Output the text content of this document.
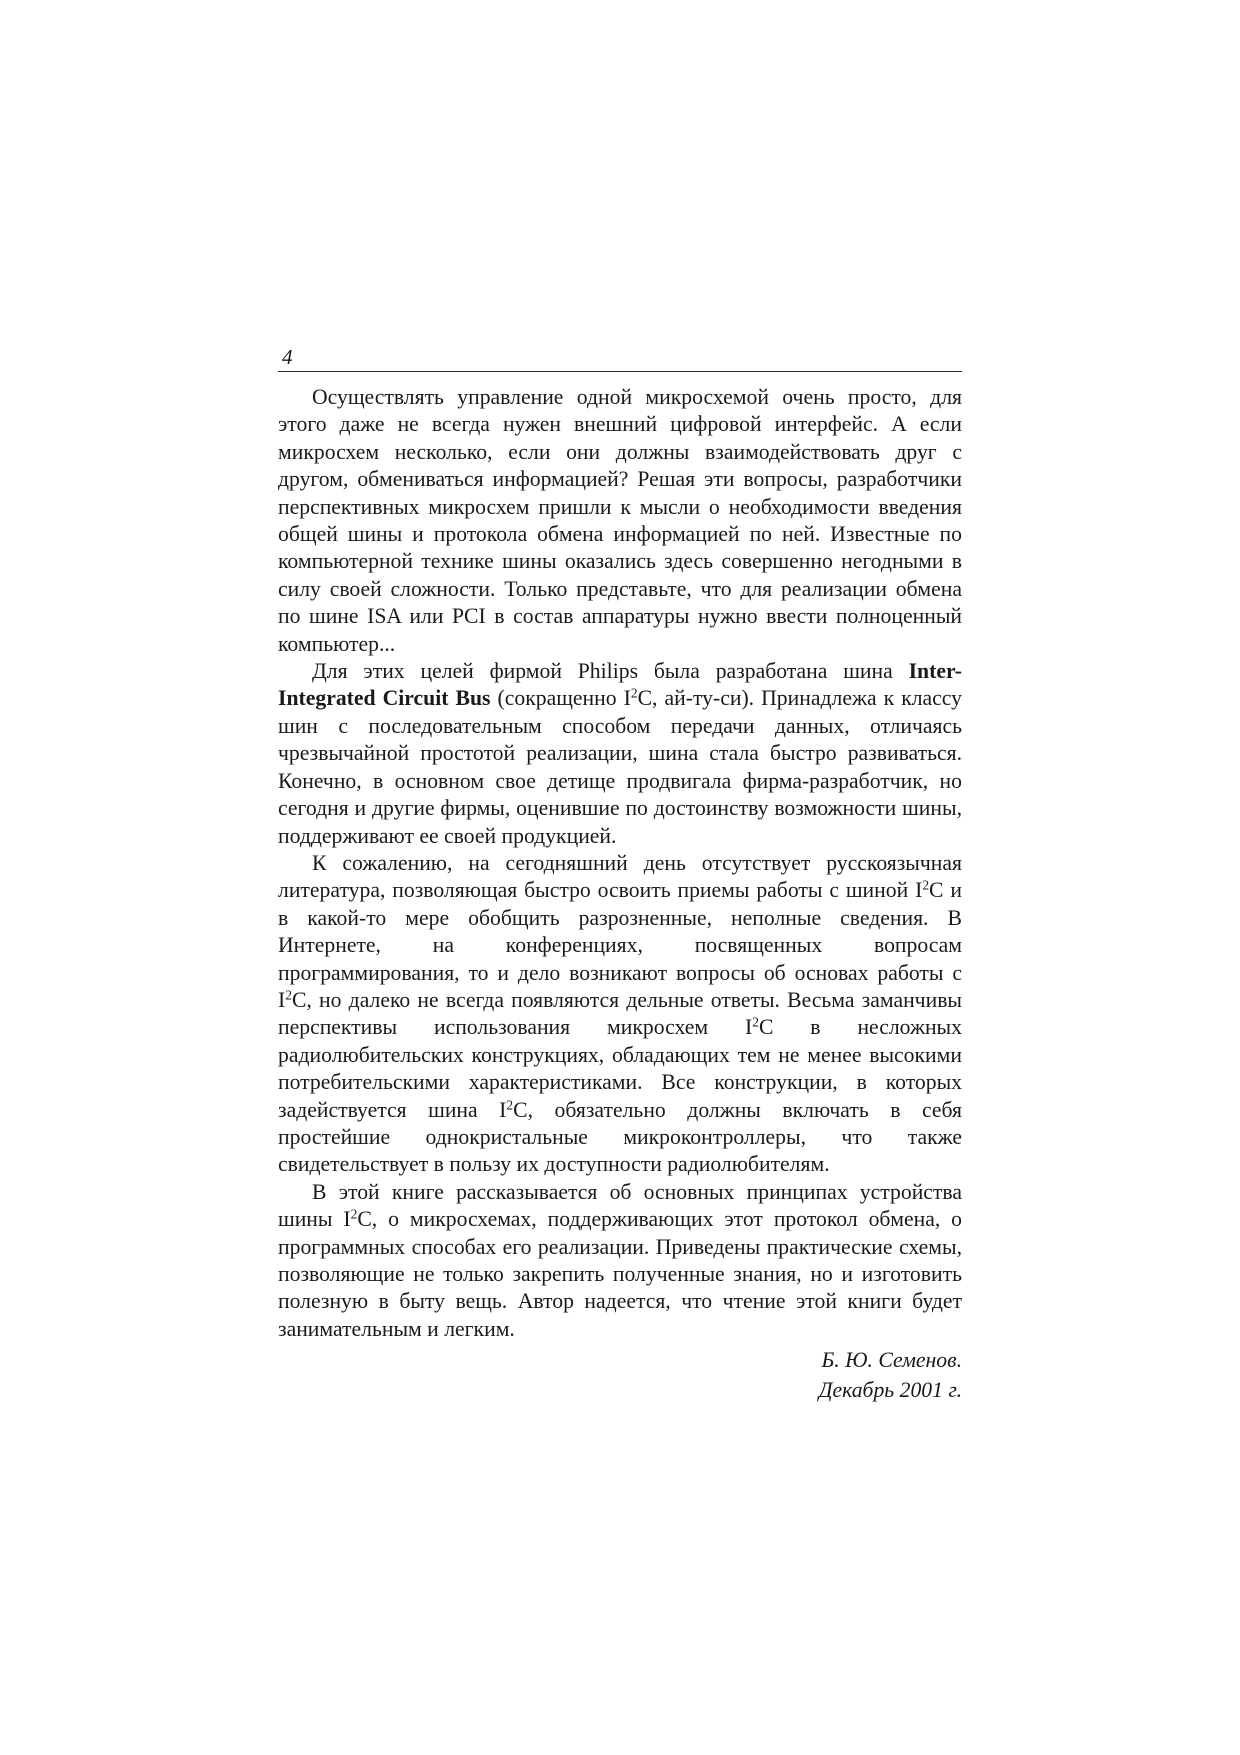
4

Осуществлять управление одной микросхемой очень просто, для этого даже не всегда нужен внешний цифровой интерфейс. А если микросхем несколько, если они должны взаимодействовать друг с другом, обмениваться информацией? Решая эти вопросы, разработчики перспективных микросхем пришли к мысли о необходимости введения общей шины и протокола обмена информацией по ней. Известные по компьютерной технике шины оказались здесь совершенно негодными в силу своей сложности. Только представьте, что для реализации обмена по шине ISA или PCI в состав аппаратуры нужно ввести полноценный компьютер...

Для этих целей фирмой Philips была разработана шина Inter-Integrated Circuit Bus (сокращенно $I^2C$, ай-ту-си). Принадлежа к классу шин с последовательным способом передачи данных, отличаясь чрезвычайной простотой реализации, шина стала быстро развиваться. Конечно, в основном свое детище продвигала фирма-разработчик, но сегодня и другие фирмы, оценившие по достоинству возможности шины, поддерживают ее своей продукцией.

К сожалению, на сегодняшний день отсутствует русскоязычная литература, позволяющая быстро освоить приемы работы с шиной $I^2C$ и в какой-то мере обобщить разрозненные, неполные сведения. В Интернете, на конференциях, посвященных вопросам программирования, то и дело возникают вопросы об основах работы с $I^2C$, но далеко не всегда появляются дельные ответы. Весьма заманчивы перспективы использования микросхем $I^2C$ в несложных радиолюбительских конструкциях, обладающих тем не менее высокими потребительскими характеристиками. Все конструкции, в которых задействуется шина $I^2C$, обязательно должны включать в себя простейшие однокристальные микроконтроллеры, что также свидетельствует в пользу их доступности радиолюбителям.

В этой книге рассказывается об основных принципах устройства шины $I^2C$, о микросхемах, поддерживающих этот протокол обмена, о программных способах его реализации. Приведены практические схемы, позволяющие не только закрепить полученные знания, но и изготовить полезную в быту вещь. Автор надеется, что чтение этой книги будет занимательным и легким.

Б. Ю. Семенов.
Декабрь 2001 г.
